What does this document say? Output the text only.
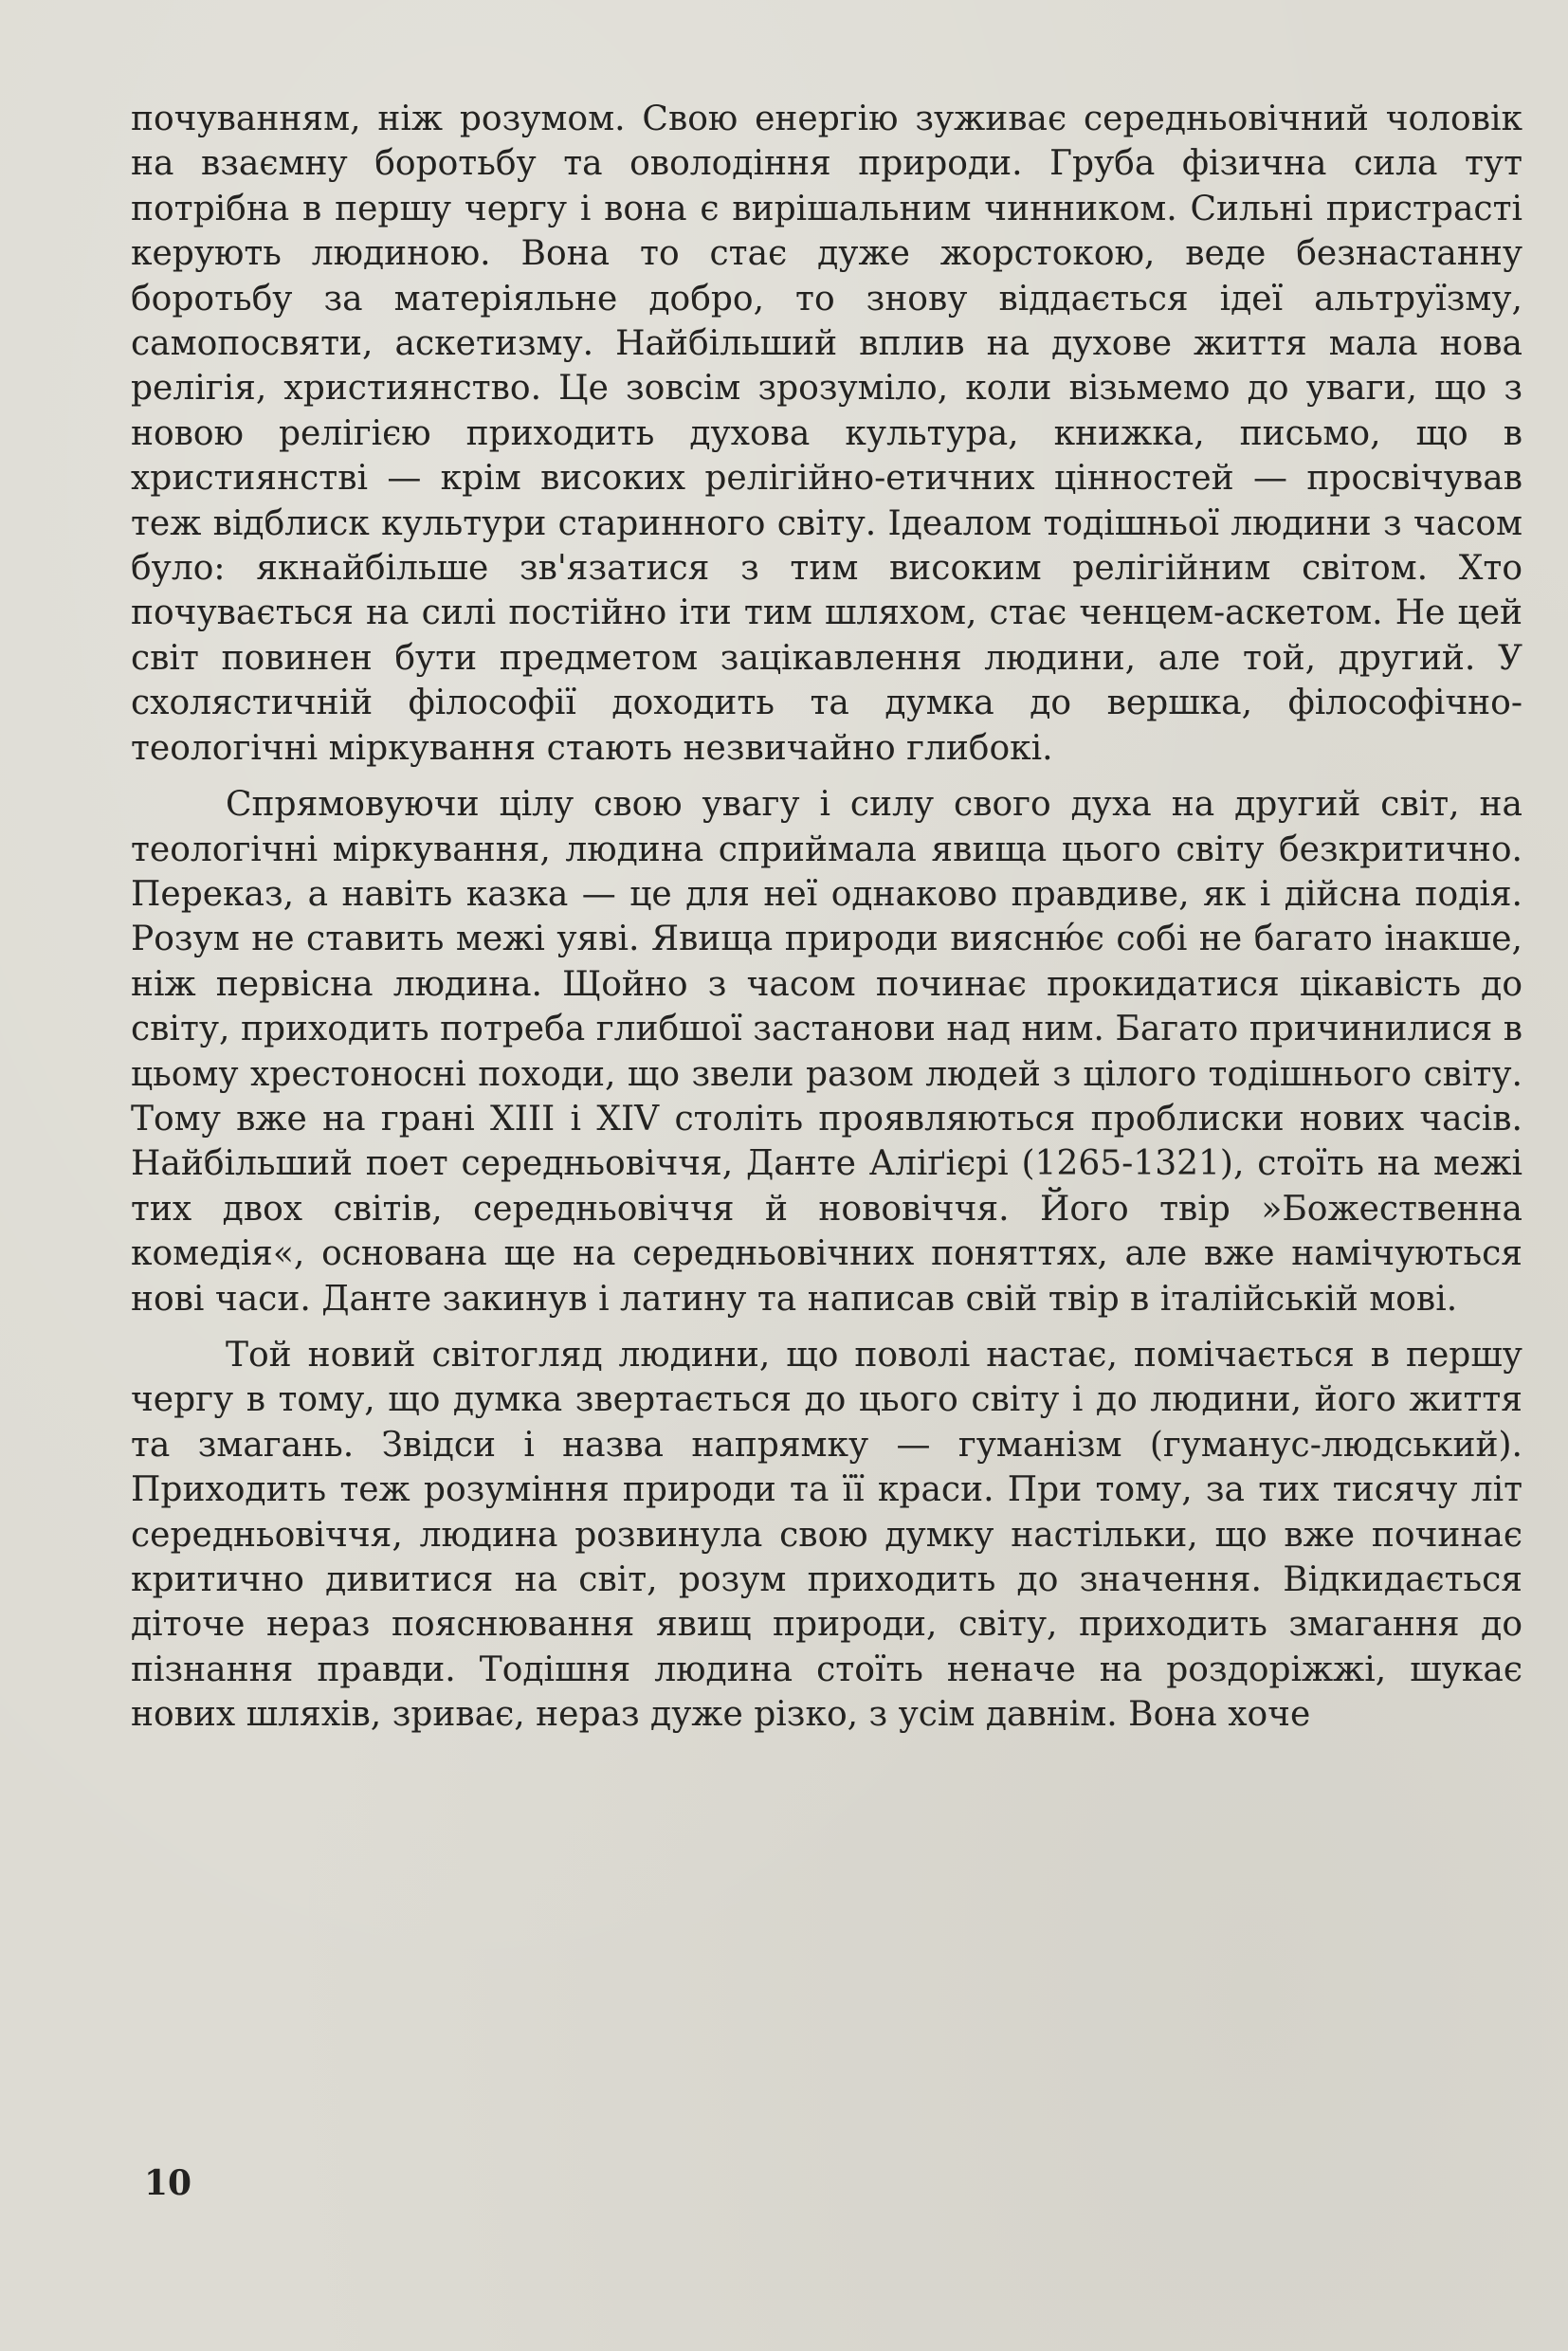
почуванням, ніж розумом. Свою енергію зуживає середньовічний чоловік на взаємну боротьбу та оволодіння природи. Груба фізична сила тут потрібна в першу чергу і вона є вирішальним чинником. Сильні пристрасті керують людиною. Вона то стає дуже жорстокою, веде безнастанну боротьбу за матеріяльне добро, то знову віддається ідеї альтруїзму, самопосвяти, аскетизму. Найбільший вплив на духове життя мала нова релігія, християнство. Це зовсім зрозуміло, коли візьмемо до уваги, що з новою релігією приходить духова культура, книжка, письмо, що в християнстві — крім високих релігійно-етичних цінностей — просвічував теж відблиск культури старинного світу. Ідеалом тодішньої людини з часом було: якнайбільше зв'язатися з тим високим релігійним світом. Хто почувається на силі постійно іти тим шляхом, стає ченцем-аскетом. Не цей світ повинен бути предметом зацікавлення людини, але той, другий. У схолястичній філософії доходить та думка до вершка, філософічно-теологічні міркування стають незвичайно глибокі.

Спрямовуючи цілу свою увагу і силу свого духа на другий світ, на теологічні міркування, людина сприймала явища цього світу безкритично. Переказ, а навіть казка — це для неї однаково правдиве, як і дійсна подія. Розум не ставить межі уяві. Явища природи виясню́є собі не багато інакше, ніж первісна людина. Щойно з часом починає прокидатися цікавість до світу, приходить потреба глибшої застанови над ним. Багато причинилися в цьому хрестоносні походи, що звели разом людей з цілого тодішнього світу. Тому вже на грані XIII і XIV століть проявляються проблиски нових часів. Найбільший поет середньовіччя, Данте Аліґієрі (1265-1321), стоїть на межі тих двох світів, середньовіччя й нововіччя. Його твір »Божественна комедія«, основана ще на середньовічних поняттях, але вже намічуються нові часи. Данте закинув і латину та написав свій твір в італійській мові.

Той новий світогляд людини, що поволі настає, помічається в першу чергу в тому, що думка звертається до цього світу і до людини, його життя та змагань. Звідси і назва напрямку — гуманізм (гуманус-людський). Приходить теж розуміння природи та її краси. При тому, за тих тисячу літ середньовіччя, людина розвинула свою думку настільки, що вже починає критично дивитися на світ, розум приходить до значення. Відкидається діточе нераз пояснювання явищ природи, світу, приходить змагання до пізнання правди. Тодішня людина стоїть неначе на роздоріжжі, шукає нових шляхів, зриває, нераз дуже різко, з усім давнім. Вона хоче

10
